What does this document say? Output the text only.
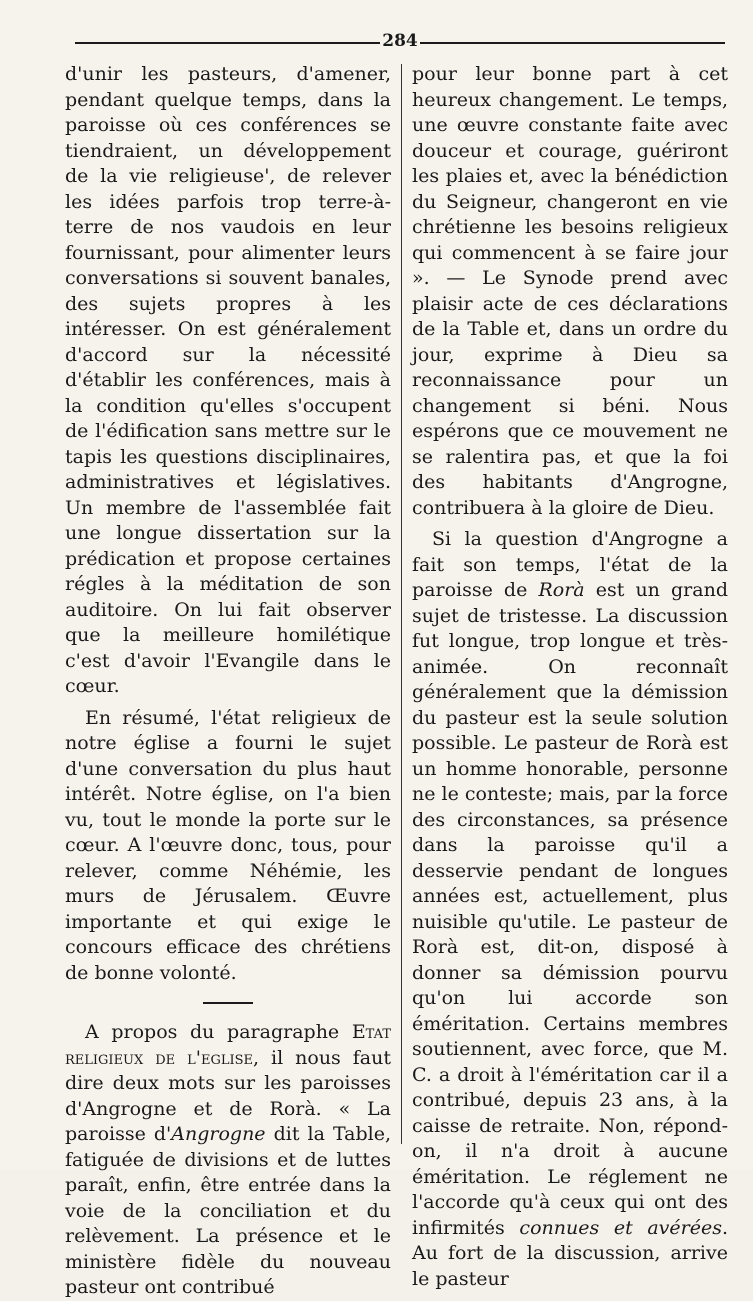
284

d'unir les pasteurs, d'amener, pendant quelque temps, dans la paroisse où ces conférences se tiendraient, un développement de la vie religieuse', de relever les idées parfois trop terre-à-terre de nos vaudois en leur fournissant, pour alimenter leurs conversations si souvent banales, des sujets propres à les intéresser. On est généralement d'accord sur la nécessité d'établir les conférences, mais à la condition qu'elles s'occupent de l'édification sans mettre sur le tapis les questions disciplinaires, administratives et législatives. Un membre de l'assemblée fait une longue dissertation sur la prédication et propose certaines régles à la méditation de son auditoire. On lui fait observer que la meilleure homilétique c'est d'avoir l'Evangile dans le cœur.

En résumé, l'état religieux de notre église a fourni le sujet d'une conversation du plus haut intérêt. Notre église, on l'a bien vu, tout le monde la porte sur le cœur. A l'œuvre donc, tous, pour relever, comme Néhémie, les murs de Jérusalem. Œuvre importante et qui exige le concours efficace des chrétiens de bonne volonté.

A propos du paragraphe Etat religieux de l'eglise, il nous faut dire deux mots sur les paroisses d'Angrogne et de Rorà. « La paroisse d'Angrogne dit la Table, fatiguée de divisions et de luttes paraît, enfin, être entrée dans la voie de la conciliation et du relèvement. La présence et le ministère fidèle du nouveau pasteur ont contribué

pour leur bonne part à cet heureux changement. Le temps, une œuvre constante faite avec douceur et courage, guériront les plaies et, avec la bénédiction du Seigneur, changeront en vie chrétienne les besoins religieux qui commencent à se faire jour ». — Le Synode prend avec plaisir acte de ces déclarations de la Table et, dans un ordre du jour, exprime à Dieu sa reconnaissance pour un changement si béni. Nous espérons que ce mouvement ne se ralentira pas, et que la foi des habitants d'Angrogne, contribuera à la gloire de Dieu.

Si la question d'Angrogne a fait son temps, l'état de la paroisse de Rorà est un grand sujet de tristesse. La discussion fut longue, trop longue et très-animée. On reconnaît généralement que la démission du pasteur est la seule solution possible. Le pasteur de Rorà est un homme honorable, personne ne le conteste; mais, par la force des circonstances, sa présence dans la paroisse qu'il a desservie pendant de longues années est, actuellement, plus nuisible qu'utile. Le pasteur de Rorà est, dit-on, disposé à donner sa démission pourvu qu'on lui accorde son éméritation. Certains membres soutiennent, avec force, que M. C. a droit à l'éméritation car il a contribué, depuis 23 ans, à la caisse de retraite. Non, répond-on, il n'a droit à aucune éméritation. Le réglement ne l'accorde qu'à ceux qui ont des infirmités connues et avérées. Au fort de la discussion, arrive le pasteur
